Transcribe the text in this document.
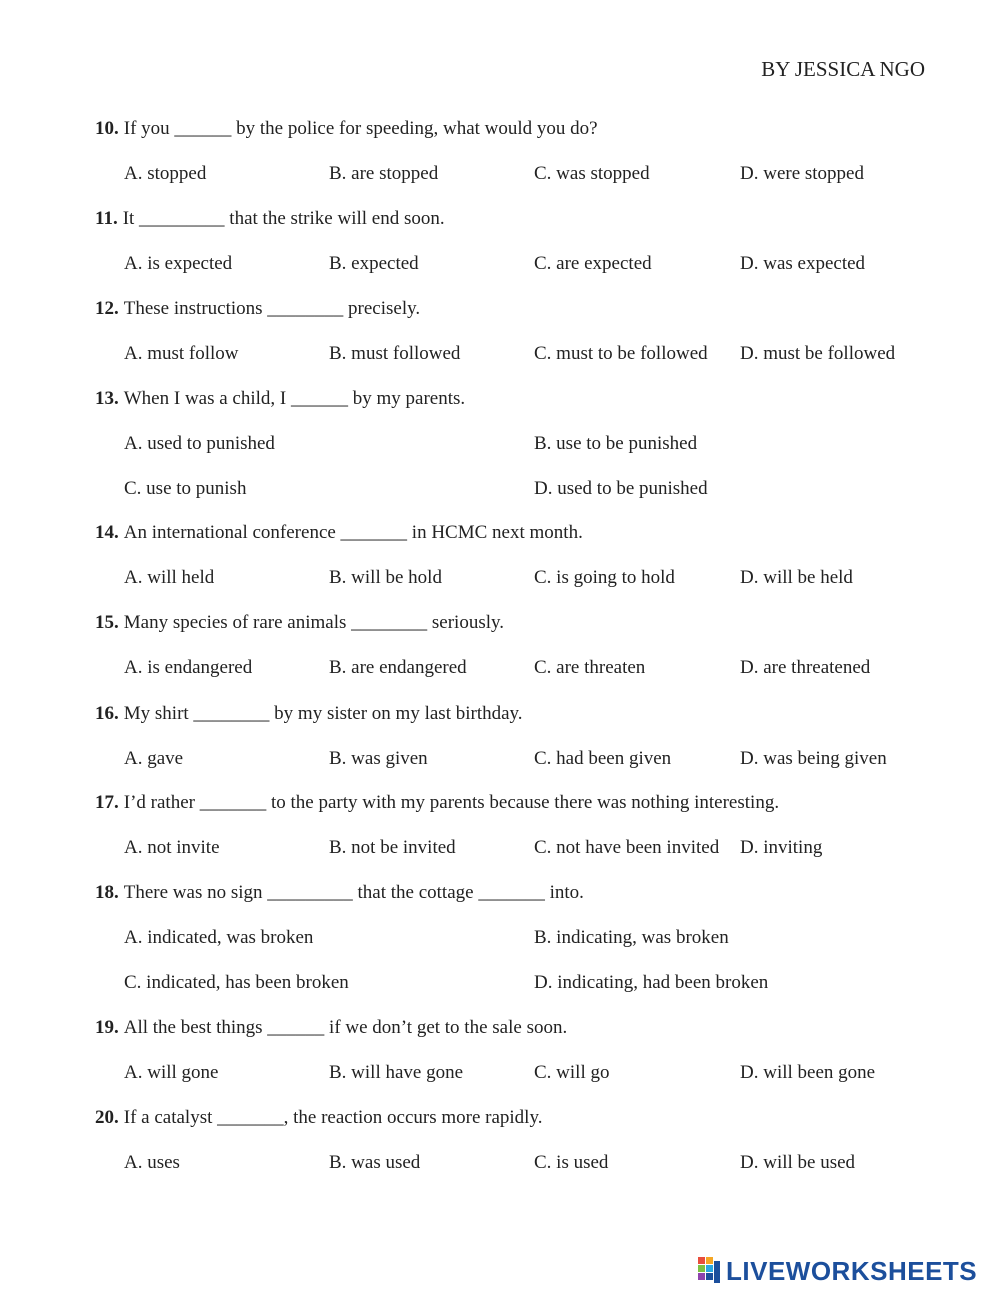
BY JESSICA NGO
10. If you ______ by the police for speeding, what would you do?
A. stopped	B. are stopped	C. was stopped	D. were stopped
11. It _________ that the strike will end soon.
A. is expected	B. expected	C. are expected	D. was expected
12. These instructions ________ precisely.
A. must follow	B. must followed	C. must to be followed D. must be followed
13. When I was a child, I ______ by my parents.
A. used to punished	B. use to be punished
C. use to punish	D. used to be punished
14. An international conference _______ in HCMC next month.
A. will held	B. will be hold	C. is going to hold	D. will be held
15. Many species of rare animals ________ seriously.
A. is endangered	B. are endangered	C. are threaten	D. are threatened
16. My shirt ________ by my sister on my last birthday.
A. gave	B. was given	C. had been given	D. was being given
17. I’d rather _______ to the party with my parents because there was nothing interesting.
A. not invite	B. not be invited	C. not have been invited D. inviting
18. There was no sign _________ that the cottage _______ into.
A. indicated, was broken	B. indicating, was broken
C. indicated, has been broken	D. indicating, had been broken
19. All the best things ______ if we don’t get to the sale soon.
A. will gone	B. will have gone	C. will go	D. will been gone
20. If a catalyst _______, the reaction occurs more rapidly.
A. uses	B. was used	C. is used	D. will be used
LIVEWORKSHEETS
